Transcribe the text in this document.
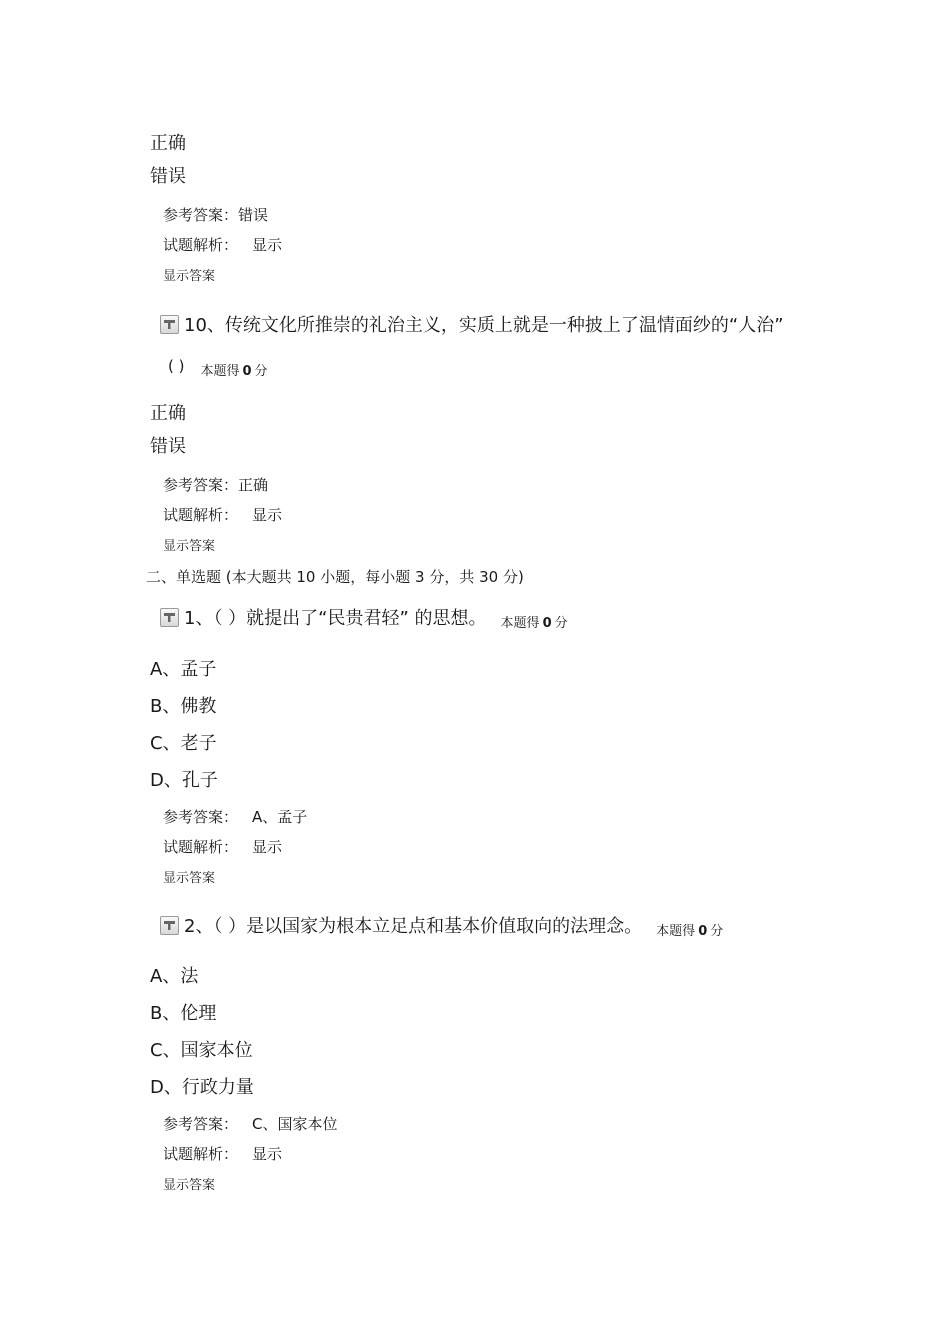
正确
错误
参考答案：错误
试题解析： 显示
显示答案
10、传统文化所推崇的礼治主义，实质上就是一种披上了温情面纱的“人治”
( ) 本题得 0 分
正确
错误
参考答案：正确
试题解析： 显示
显示答案
二、单选题 (本大题共 10 小题，每小题 3 分，共 30 分)
1、（ ）就提出了“民贵君轻” 的思想。 本题得 0 分
A、孟子
B、佛教
C、老子
D、孔子
参考答案： A、孟子
试题解析： 显示
显示答案
2、（ ）是以国家为根本立足点和基本价值取向的法理念。 本题得 0 分
A、法
B、伦理
C、国家本位
D、行政力量
参考答案： C、国家本位
试题解析： 显示
显示答案
